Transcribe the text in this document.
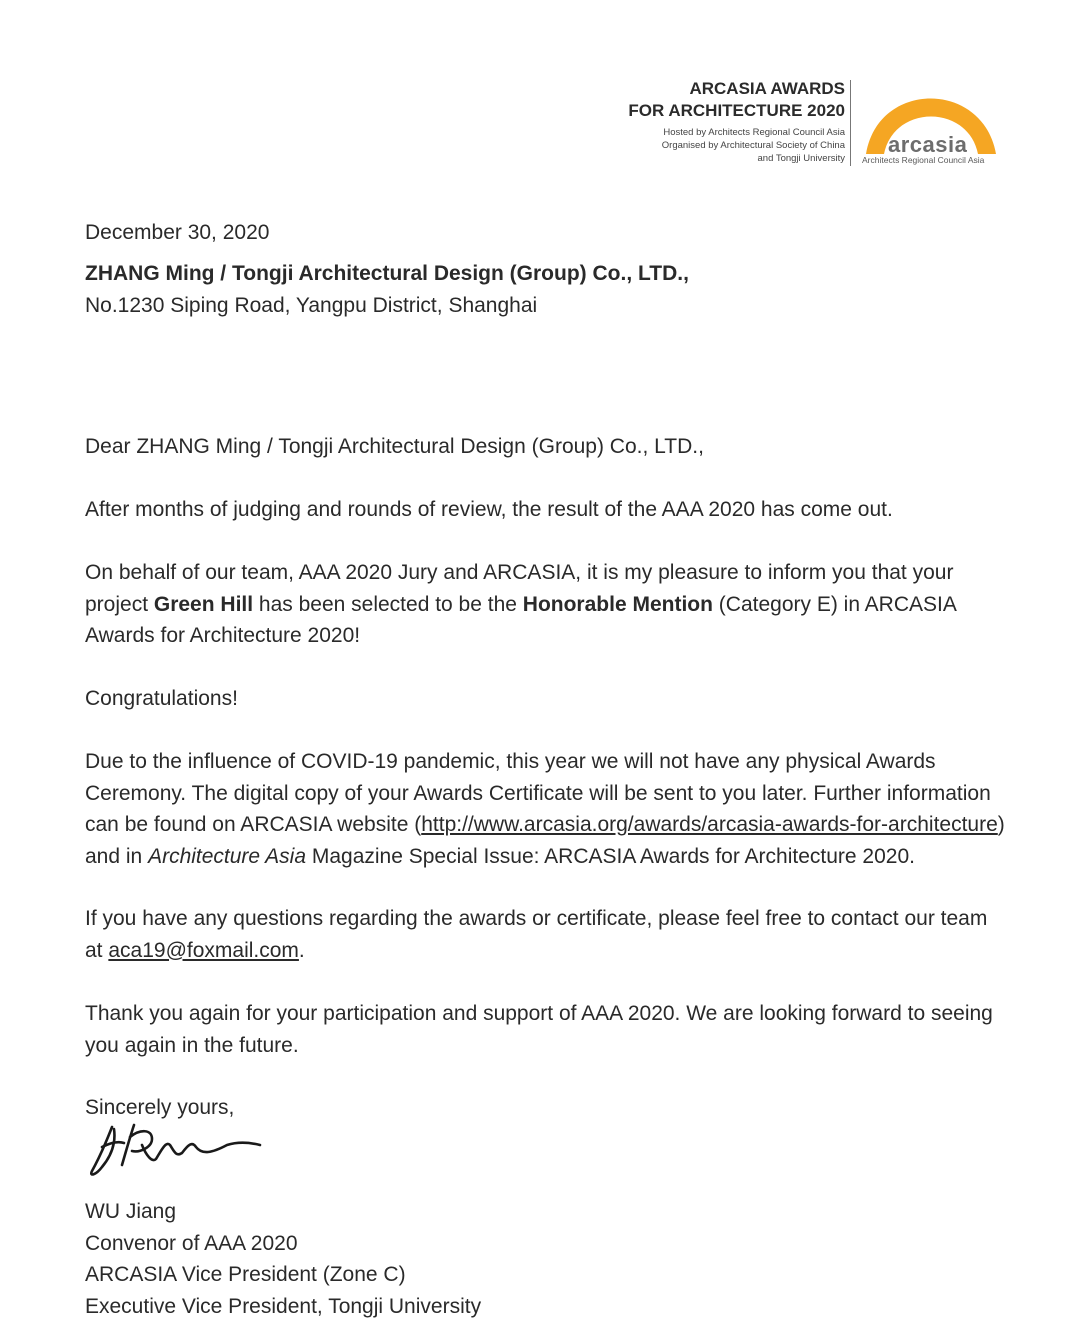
ARCASIA AWARDS
FOR ARCHITECTURE 2020
Hosted by Architects Regional Council Asia
Organised by Architectural Society of China
and Tongji University
arcasia
Architects Regional Council Asia

December 30, 2020

ZHANG Ming / Tongji Architectural Design (Group) Co., LTD.,
No.1230 Siping Road, Yangpu District, Shanghai

Dear ZHANG Ming / Tongji Architectural Design (Group) Co., LTD.,

After months of judging and rounds of review, the result of the AAA 2020 has come out.

On behalf of our team, AAA 2020 Jury and ARCASIA, it is my pleasure to inform you that your project Green Hill has been selected to be the Honorable Mention (Category E) in ARCASIA Awards for Architecture 2020!

Congratulations!

Due to the influence of COVID-19 pandemic, this year we will not have any physical Awards Ceremony. The digital copy of your Awards Certificate will be sent to you later. Further information can be found on ARCASIA website (http://www.arcasia.org/awards/arcasia-awards-for-architecture) and in Architecture Asia Magazine Special Issue: ARCASIA Awards for Architecture 2020.

If you have any questions regarding the awards or certificate, please feel free to contact our team at aca19@foxmail.com.

Thank you again for your participation and support of AAA 2020. We are looking forward to seeing you again in the future.

Sincerely yours,

WU Jiang
Convenor of AAA 2020
ARCASIA Vice President (Zone C)
Executive Vice President, Tongji University
